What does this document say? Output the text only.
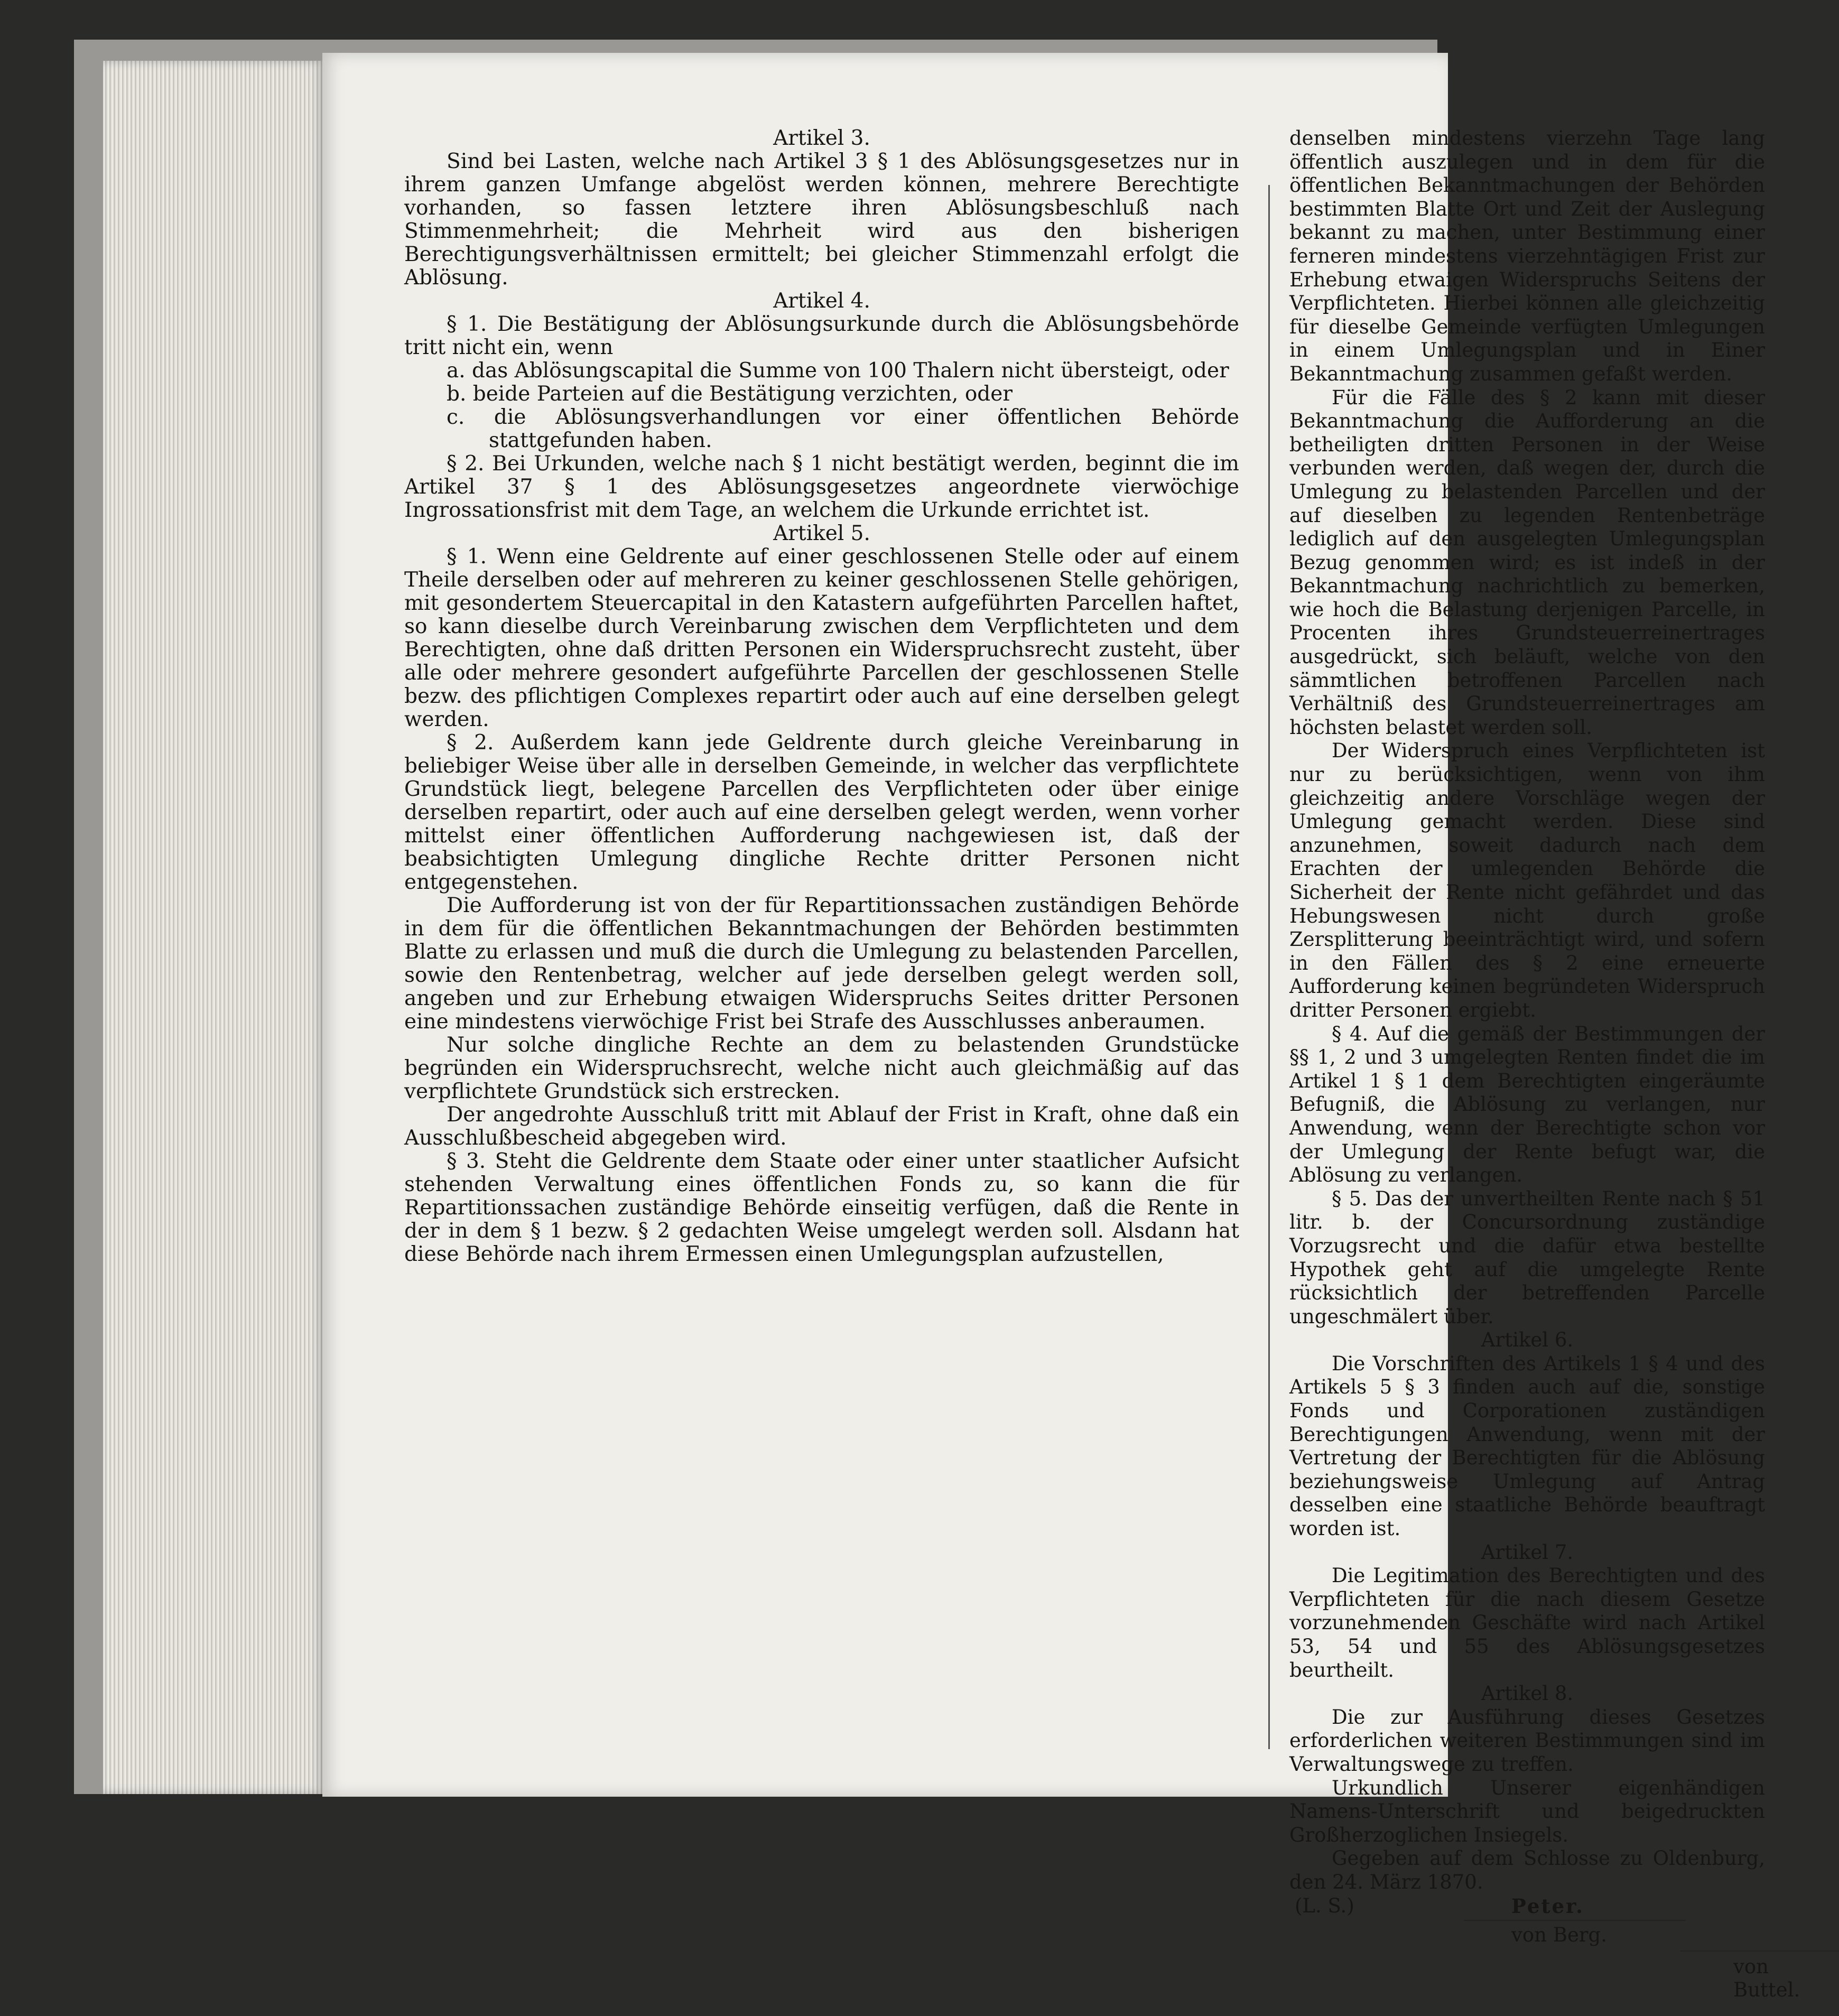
Artikel 3.

Sind bei Lasten, welche nach Artikel 3 § 1 des Ablösungsgesetzes nur in ihrem ganzen Umfange abgelöst werden können, mehrere Berechtigte vorhanden, so fassen letztere ihren Ablösungsbeschluß nach Stimmenmehrheit; die Mehrheit wird aus den bisherigen Berechtigungsverhältnissen ermittelt; bei gleicher Stimmenzahl erfolgt die Ablösung.

Artikel 4.

§ 1. Die Bestätigung der Ablösungsurkunde durch die Ablösungsbehörde tritt nicht ein, wenn

a. das Ablösungscapital die Summe von 100 Thalern nicht übersteigt, oder

b. beide Parteien auf die Bestätigung verzichten, oder

c. die Ablösungsverhandlungen vor einer öffentlichen Behörde stattgefunden haben.

§ 2. Bei Urkunden, welche nach § 1 nicht bestätigt werden, beginnt die im Artikel 37 § 1 des Ablösungsgesetzes angeordnete vierwöchige Ingrossationsfrist mit dem Tage, an welchem die Urkunde errichtet ist.

Artikel 5.

§ 1. Wenn eine Geldrente auf einer geschlossenen Stelle oder auf einem Theile derselben oder auf mehreren zu keiner geschlossenen Stelle gehörigen, mit gesondertem Steuercapital in den Katastern aufgeführten Parcellen haftet, so kann dieselbe durch Vereinbarung zwischen dem Verpflichteten und dem Berechtigten, ohne daß dritten Personen ein Widerspruchsrecht zusteht, über alle oder mehrere gesondert aufgeführte Parcellen der geschlossenen Stelle bezw. des pflichtigen Complexes repartirt oder auch auf eine derselben gelegt werden.

§ 2. Außerdem kann jede Geldrente durch gleiche Vereinbarung in beliebiger Weise über alle in derselben Gemeinde, in welcher das verpflichtete Grundstück liegt, belegene Parcellen des Verpflichteten oder über einige derselben repartirt, oder auch auf eine derselben gelegt werden, wenn vorher mittelst einer öffentlichen Aufforderung nachgewiesen ist, daß der beabsichtigten Umlegung dingliche Rechte dritter Personen nicht entgegenstehen.

Die Aufforderung ist von der für Repartitionssachen zuständigen Behörde in dem für die öffentlichen Bekanntmachungen der Behörden bestimmten Blatte zu erlassen und muß die durch die Umlegung zu belastenden Parcellen, sowie den Rentenbetrag, welcher auf jede derselben gelegt werden soll, angeben und zur Erhebung etwaigen Widerspruchs Seites dritter Personen eine mindestens vierwöchige Frist bei Strafe des Ausschlusses anberaumen.

Nur solche dingliche Rechte an dem zu belastenden Grundstücke begründen ein Widerspruchsrecht, welche nicht auch gleichmäßig auf das verpflichtete Grundstück sich erstrecken.

Der angedrohte Ausschluß tritt mit Ablauf der Frist in Kraft, ohne daß ein Ausschlußbescheid abgegeben wird.

§ 3. Steht die Geldrente dem Staate oder einer unter staatlicher Aufsicht stehenden Verwaltung eines öffentlichen Fonds zu, so kann die für Repartitionssachen zuständige Behörde einseitig verfügen, daß die Rente in der in dem § 1 bezw. § 2 gedachten Weise umgelegt werden soll. Alsdann hat diese Behörde nach ihrem Ermessen einen Umlegungsplan aufzustellen,

denselben mindestens vierzehn Tage lang öffentlich auszulegen und in dem für die öffentlichen Bekanntmachungen der Behörden bestimmten Blatte Ort und Zeit der Auslegung bekannt zu machen, unter Bestimmung einer ferneren mindestens vierzehntägigen Frist zur Erhebung etwaigen Widerspruchs Seitens der Verpflichteten. Hierbei können alle gleichzeitig für dieselbe Gemeinde verfügten Umlegungen in einem Umlegungsplan und in Einer Bekanntmachung zusammen gefaßt werden.

Für die Fälle des § 2 kann mit dieser Bekanntmachung die Aufforderung an die betheiligten dritten Personen in der Weise verbunden werden, daß wegen der, durch die Umlegung zu belastenden Parcellen und der auf dieselben zu legenden Rentenbeträge lediglich auf den ausgelegten Umlegungsplan Bezug genommen wird; es ist indeß in der Bekanntmachung nachrichtlich zu bemerken, wie hoch die Belastung derjenigen Parcelle, in Procenten ihres Grundsteuerreinertrages ausgedrückt, sich beläuft, welche von den sämmtlichen betroffenen Parcellen nach Verhältniß des Grundsteuerreinertrages am höchsten belastet werden soll.

Der Widerspruch eines Verpflichteten ist nur zu berücksichtigen, wenn von ihm gleichzeitig andere Vorschläge wegen der Umlegung gemacht werden. Diese sind anzunehmen, soweit dadurch nach dem Erachten der umlegenden Behörde die Sicherheit der Rente nicht gefährdet und das Hebungswesen nicht durch große Zersplitterung beeinträchtigt wird, und sofern in den Fällen des § 2 eine erneuerte Aufforderung keinen begründeten Widerspruch dritter Personen ergiebt.

§ 4. Auf die gemäß der Bestimmungen der §§ 1, 2 und 3 umgelegten Renten findet die im Artikel 1 § 1 dem Berechtigten eingeräumte Befugniß, die Ablösung zu verlangen, nur Anwendung, wenn der Berechtigte schon vor der Umlegung der Rente befugt war, die Ablösung zu verlangen.

§ 5. Das der unvertheilten Rente nach § 51 litr. b. der Concursordnung zuständige Vorzugsrecht und die dafür etwa bestellte Hypothek geht auf die umgelegte Rente rücksichtlich der betreffenden Parcelle ungeschmälert über.

Artikel 6.

Die Vorschriften des Artikels 1 § 4 und des Artikels 5 § 3 finden auch auf die, sonstige Fonds und Corporationen zuständigen Berechtigungen Anwendung, wenn mit der Vertretung der Berechtigten für die Ablösung beziehungsweise Umlegung auf Antrag desselben eine staatliche Behörde beauftragt worden ist.

Artikel 7.

Die Legitimation des Berechtigten und des Verpflichteten für die nach diesem Gesetze vorzunehmenden Geschäfte wird nach Artikel 53, 54 und 55 des Ablösungsgesetzes beurtheilt.

Artikel 8.

Die zur Ausführung dieses Gesetzes erforderlichen weiteren Bestimmungen sind im Verwaltungswege zu treffen.

Urkundlich Unserer eigenhändigen Namens-Unterschrift und beigedruckten Großherzoglichen Insiegels.

Gegeben auf dem Schlosse zu Oldenburg, den 24. März 1870.

(L. S.)	Peter.
von Berg.
von Buttel.
